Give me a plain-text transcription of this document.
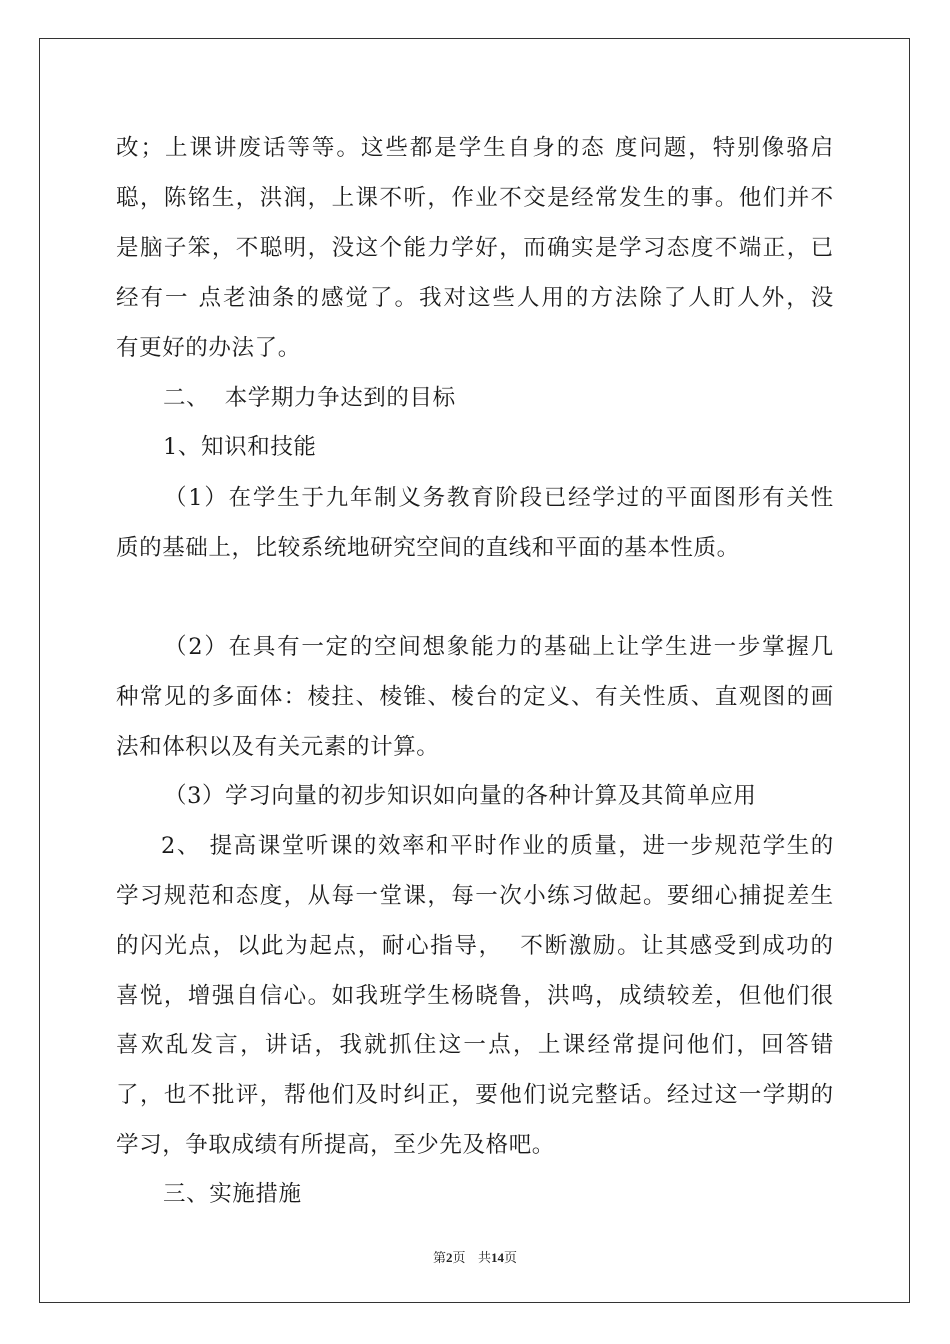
改 ； 上 课 讲 废 话 等 等 。 这 些 都 是 学 生 自 身 的 态
度 问 题 ， 特 别 像 骆 启
聪 ， 陈 铭 生 ， 洪 润 ， 上 课 不 听 ， 作 业 不 交 是 经 常 发 生 的 事 。 他 们 并 不
是 脑 子 笨 ， 不 聪 明 ， 没 这 个 能 力 学 好 ， 而 确 实 是 学 习 态 度 不 端 正 ， 已
经 有 一
点 老 油 条 的 感 觉 了 。 我 对 这 些 人 用 的 方 法 除 了 人 盯 人 外 ， 没
有更好的办法了。
二、  本学期力争达到的目标
1、知识和技能
（ 1 ） 在 学 生 于 九 年 制 义 务 教 育 阶 段 已 经 学 过 的 平 面 图 形 有 关 性
质的基础上，比较系统地研究空间的直线和平面的基本性质。
（ 2 ） 在 具 有 一 定 的 空 间 想 象 能 力 的 基 础 上 让 学 生 进 一 步 掌 握 几
种 常 见 的 多 面 体 ： 棱 拄 、 棱 锥 、 棱 台 的 定 义 、 有 关 性 质 、 直 观 图 的 画
法和体积以及有关元素的计算。
（3）学习向量的初步知识如向量的各种计算及其简单应用
2 、
提 高 课 堂 听 课 的 效 率 和 平 时 作 业 的 质 量 ， 进 一 步 规 范 学 生 的
学 习 规 范 和 态 度 ， 从 每 一 堂 课 ， 每 一 次 小 练 习 做 起 。 要 细 心 捕 捉 差 生
的 闪 光 点 ， 以 此 为 起 点 ， 耐 心 指 导 ，

不 断 激 励 。 让 其 感 受 到 成 功 的
喜 悦 ， 增 强 自 信 心 。 如 我 班 学 生 杨 晓 鲁 ， 洪 鸣 ， 成 绩 较 差 ， 但 他 们 很
喜 欢 乱 发 言 ， 讲 话 ， 我 就 抓 住 这 一 点 ， 上 课 经 常 提 问 他 们 ， 回 答 错
了 ， 也 不 批 评 ， 帮 他 们 及 时 纠 正 ， 要 他 们 说 完 整 话 。 经 过 这 一 学 期 的
学习，争取成绩有所提高，至少先及格吧。
三、实施措施
第2页   共14页
